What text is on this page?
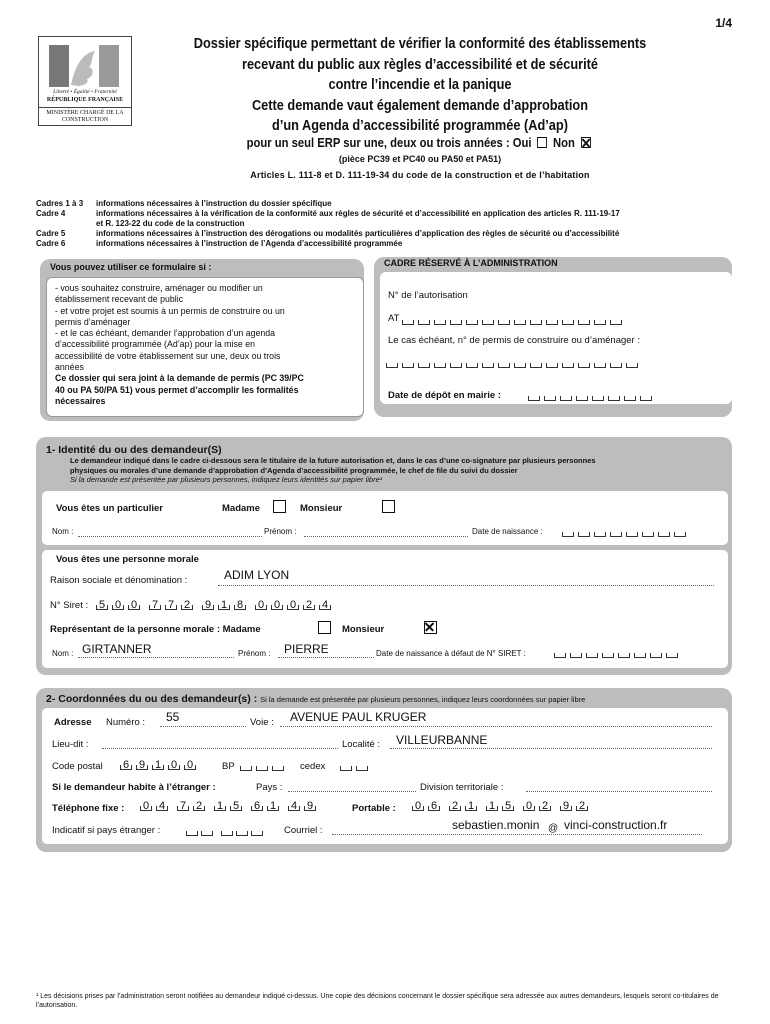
1/4
Liberté • Égalité • Fraternité
RÉPUBLIQUE FRANÇAISE
MINISTÈRE CHARGÉ DE LA CONSTRUCTION
Dossier spécifique permettant de vérifier la conformité des établissements
recevant du public aux règles d’accessibilité et de sécurité
contre l’incendie et la panique
Cette demande vaut également demande d’approbation
d’un Agenda d’accessibilité programmée (Ad’ap)
pour un seul ERP sur une, deux ou trois années : Oui Non
(pièce PC39 et PC40 ou PA50 et PA51)
Articles L. 111-8 et D. 111-19-34 du code de la construction et de l’habitation
Cadres 1 à 3 informations nécessaires à l’instruction du dossier spécifique
Cadre 4	informations nécessaires à la vérification de la conformité aux règles de sécurité et d’accessibilité en application des articles R. 111-19-17
et R. 123-22 du code de la construction
Cadre 5	informations nécessaires à l’instruction des dérogations ou modalités particulières d’application des règles de sécurité ou d’accessibilité
Cadre 6	informations nécessaires à l’instruction de l’Agenda d’accessibilité programmée
Vous pouvez utiliser ce formulaire si :
- vous souhaitez construire, aménager ou modifier un
établissement recevant de public
- et votre projet est soumis à un permis de construire ou un
permis d’aménager
- et le cas échéant, demander l’approbation d’un agenda
d’accessibilité programmée (Ad’ap) pour la mise en
accessibilité de votre établissement sur une, deux ou trois
années
Ce dossier qui sera joint à la demande de permis (PC 39/PC
40 ou PA 50/PA 51) vous permet d’accomplir les formalités
nécessaires
CADRE RÉSERVÉ À L’ADMINISTRATION
N° de l’autorisation
AT
Le cas échéant, n° de permis de construire ou d’aménager :
Date de dépôt en mairie :
1- Identité du ou des demandeur(S)
Le demandeur indiqué dans le cadre ci-dessous sera le titulaire de la future autorisation et, dans le cas d’une co-signature par plusieurs personnes
physiques ou morales d’une demande d’approbation d’Agenda d’accessibilité programmée, le chef de file du suivi du dossier
Si la demande est présentée par plusieurs personnes, indiquez leurs identités sur papier libre¹
Vous êtes un particulier	Madame
	Monsieur
Nom :	Prénom :	Date de naissance :
Vous êtes une personne morale
Raison sociale et dénomination :	ADIM LYON
N° Siret : 5 0 0 7 7 2 9 1 8 0 0 0 2 4
Représentant de la personne morale : Madame
	Monsieur
Nom : GIRTANNER	Prénom : PIERRE	Date de naissance à défaut de N° SIRET :
2- Coordonnées du ou des demandeur(s) : Si la demande est présentée par plusieurs personnes, indiquez leurs coordonnées sur papier libre
Adresse Numéro : 55	Voie : AVENUE PAUL KRUGER
Lieu-dit :	Localité : VILLEURBANNE
Code postal 6 9 1 0 0	BP	cedex
Si le demandeur habite à l’étranger :	Pays :	Division territoriale :
Téléphone fixe : 0 4 7 2 1 5 6 1 4 9	Portable : 0 6 2 1 1 5 0 2 9 2
Indicatif si pays étranger :	Courriel :	sebastien.monin @ vinci-construction.fr
¹ Les décisions prises par l’administration seront notifiées au demandeur indiqué ci-dessus. Une copie des décisions concernant le dossier spécifique sera adressée aux autres demandeurs, lesquels seront co-titulaires de l’autorisation.
